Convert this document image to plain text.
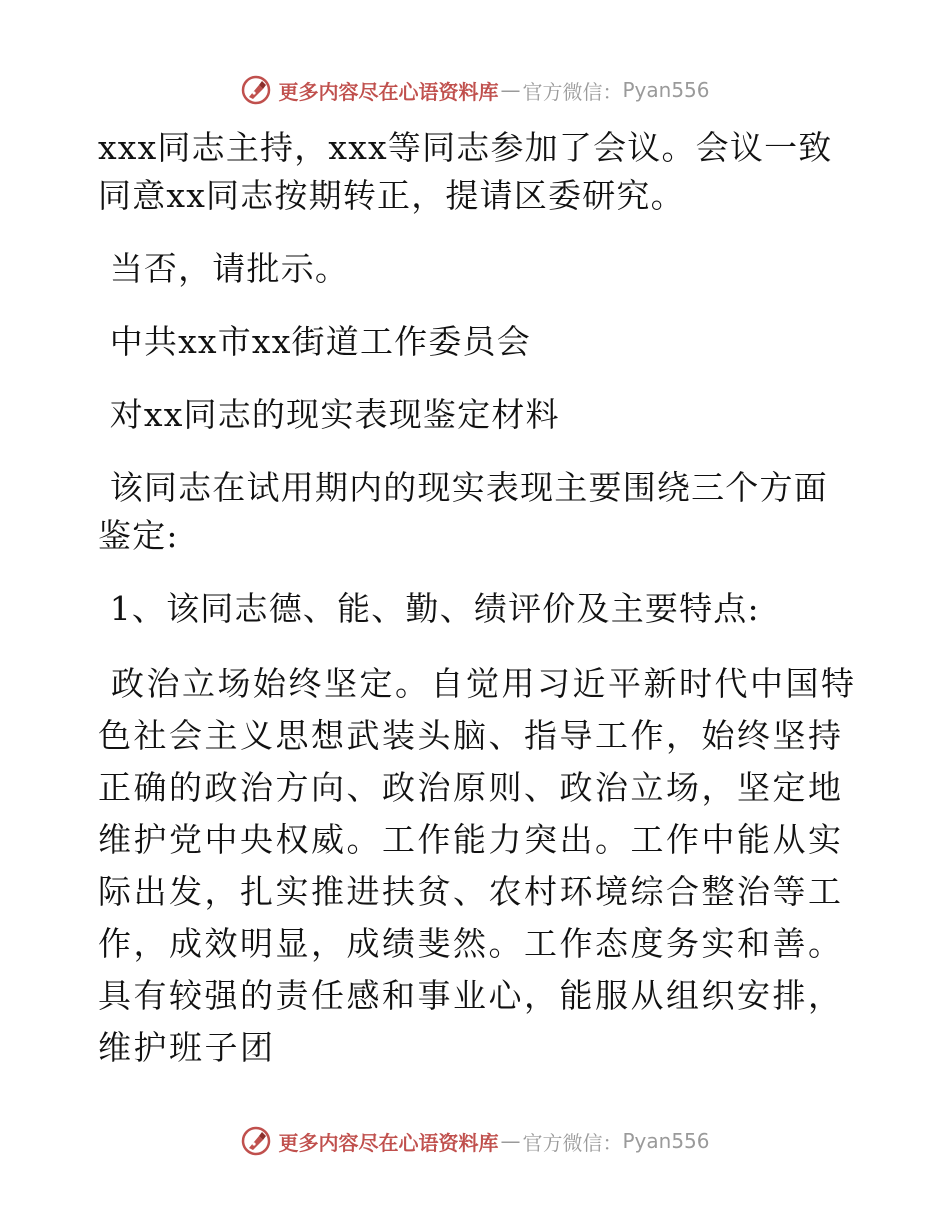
更多内容尽在心语资料库 — 官方微信： Pyan556

xxx同志主持，xxx等同志参加了会议。会议一致同意xx同志按期转正，提请区委研究。

当否，请批示。

中共xx市xx街道工作委员会

对xx同志的现实表现鉴定材料

该同志在试用期内的现实表现主要围绕三个方面鉴定:

1、该同志德、能、勤、绩评价及主要特点:

政治立场始终坚定。自觉用习近平新时代中国特色社会主义思想武装头脑、指导工作，始终坚持正确的政治方向、政治原则、政治立场，坚定地维护党中央权威。工作能力突出。工作中能从实际出发，扎实推进扶贫、农村环境综合整治等工作，成效明显，成绩斐然。工作态度务实和善。具有较强的责任感和事业心，能服从组织安排，维护班子团

更多内容尽在心语资料库 — 官方微信： Pyan556
